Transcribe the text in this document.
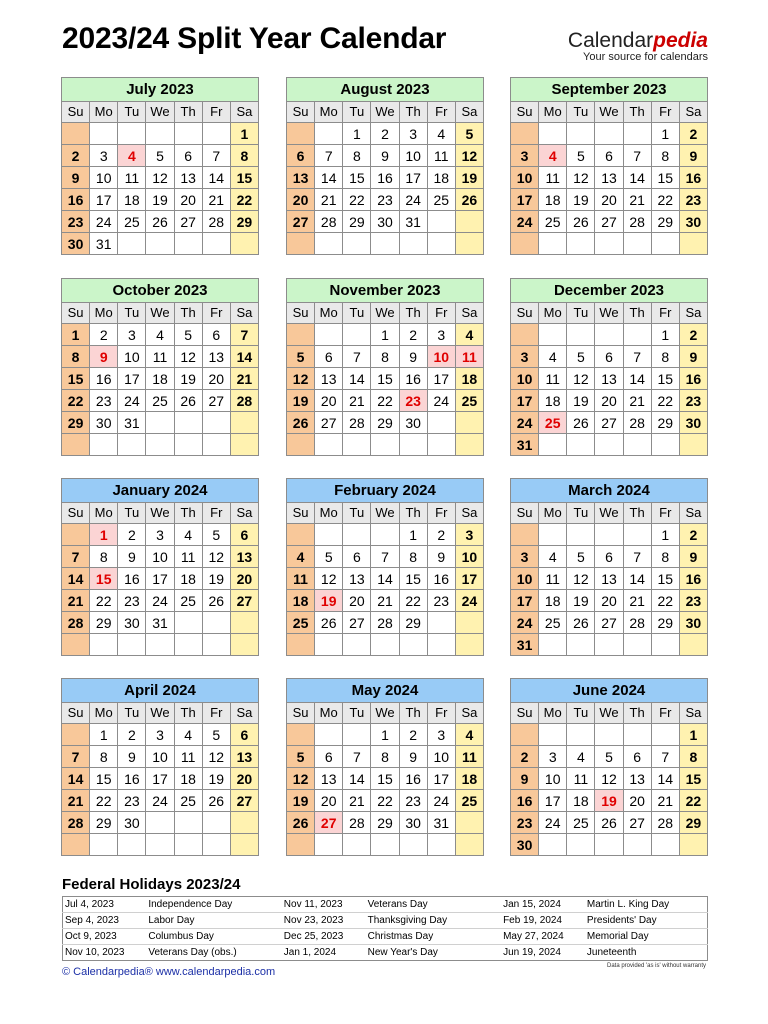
2023/24 Split Year Calendar	Calendarpedia
Your source for calendars
July 2023						
Su	Mo	Tu	We	Th	Fr	Sa
						1
2	3	4	5	6	7	8
9	10	11	12	13	14	15
16	17	18	19	20	21	22
23	24	25	26	27	28	29
30	31					
August 2023						
Su	Mo	Tu	We	Th	Fr	Sa
		1	2	3	4	5
6	7	8	9	10	11	12
13	14	15	16	17	18	19
20	21	22	23	24	25	26
27	28	29	30	31		

September 2023						
Su	Mo	Tu	We	Th	Fr	Sa
					1	2
3	4	5	6	7	8	9
10	11	12	13	14	15	16
17	18	19	20	21	22	23
24	25	26	27	28	29	30

October 2023						
Su	Mo	Tu	We	Th	Fr	Sa
1	2	3	4	5	6	7
8	9	10	11	12	13	14
15	16	17	18	19	20	21
22	23	24	25	26	27	28
29	30	31				

November 2023						
Su	Mo	Tu	We	Th	Fr	Sa
			1	2	3	4
5	6	7	8	9	10	11
12	13	14	15	16	17	18
19	20	21	22	23	24	25
26	27	28	29	30		

December 2023						
Su	Mo	Tu	We	Th	Fr	Sa
					1	2
3	4	5	6	7	8	9
10	11	12	13	14	15	16
17	18	19	20	21	22	23
24	25	26	27	28	29	30
31						
January 2024						
Su	Mo	Tu	We	Th	Fr	Sa
	1	2	3	4	5	6
7	8	9	10	11	12	13
14	15	16	17	18	19	20
21	22	23	24	25	26	27
28	29	30	31			

February 2024						
Su	Mo	Tu	We	Th	Fr	Sa
				1	2	3
4	5	6	7	8	9	10
11	12	13	14	15	16	17
18	19	20	21	22	23	24
25	26	27	28	29		

March 2024						
Su	Mo	Tu	We	Th	Fr	Sa
					1	2
3	4	5	6	7	8	9
10	11	12	13	14	15	16
17	18	19	20	21	22	23
24	25	26	27	28	29	30
31						
April 2024						
Su	Mo	Tu	We	Th	Fr	Sa
	1	2	3	4	5	6
7	8	9	10	11	12	13
14	15	16	17	18	19	20
21	22	23	24	25	26	27
28	29	30				

May 2024						
Su	Mo	Tu	We	Th	Fr	Sa
			1	2	3	4
5	6	7	8	9	10	11
12	13	14	15	16	17	18
19	20	21	22	23	24	25
26	27	28	29	30	31	

June 2024						
Su	Mo	Tu	We	Th	Fr	Sa
						1
2	3	4	5	6	7	8
9	10	11	12	13	14	15
16	17	18	19	20	21	22
23	24	25	26	27	28	29
30						
Federal Holidays 2023/24
Jul 4, 2023	Independence Day	Nov 11, 2023	Veterans Day	Jan 15, 2024	Martin L. King Day
Sep 4, 2023	Labor Day	Nov 23, 2023	Thanksgiving Day	Feb 19, 2024	Presidents' Day
Oct 9, 2023	Columbus Day	Dec 25, 2023	Christmas Day	May 27, 2024	Memorial Day
Nov 10, 2023	Veterans Day (obs.)	Jan 1, 2024	New Year's Day	Jun 19, 2024	Juneteenth
© Calendarpedia® www.calendarpedia.com	Data provided 'as is' without warranty
